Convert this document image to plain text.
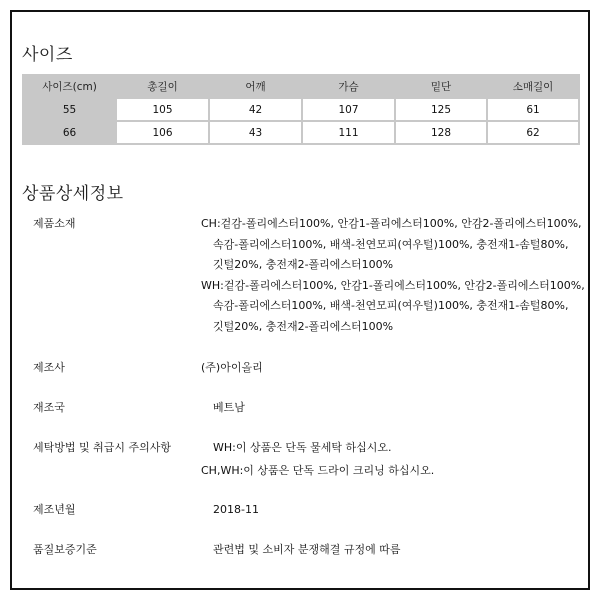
사이즈
사이즈(cm)	총길이	어깨	가슴	밑단	소매길이
55	105	42	107	125	61
66	106	43	111	128	62
상품상세정보
제품소재	CH:겉감-폴리에스터100%, 안감1-폴리에스터100%, 안감2-폴리에스터100%,
속감-폴리에스터100%, 배색-천연모피(여우털)100%, 충전재1-솜털80%,
깃털20%, 충전재2-폴리에스터100%
WH:겉감-폴리에스터100%, 안감1-폴리에스터100%, 안감2-폴리에스터100%,
속감-폴리에스터100%, 배색-천연모피(여우털)100%, 충전재1-솜털80%,
깃털20%, 충전재2-폴리에스터100%
제조사	(주)아이올리
재조국	베트남
세탁방법 및 취급시 주의사항	WH:이 상품은 단독 물세탁 하십시오.
CH,WH:이 상품은 단독 드라이 크리닝 하십시오.
제조년월	2018-11
품질보증기준	관련법 및 소비자 분쟁해결 규정에 따름
